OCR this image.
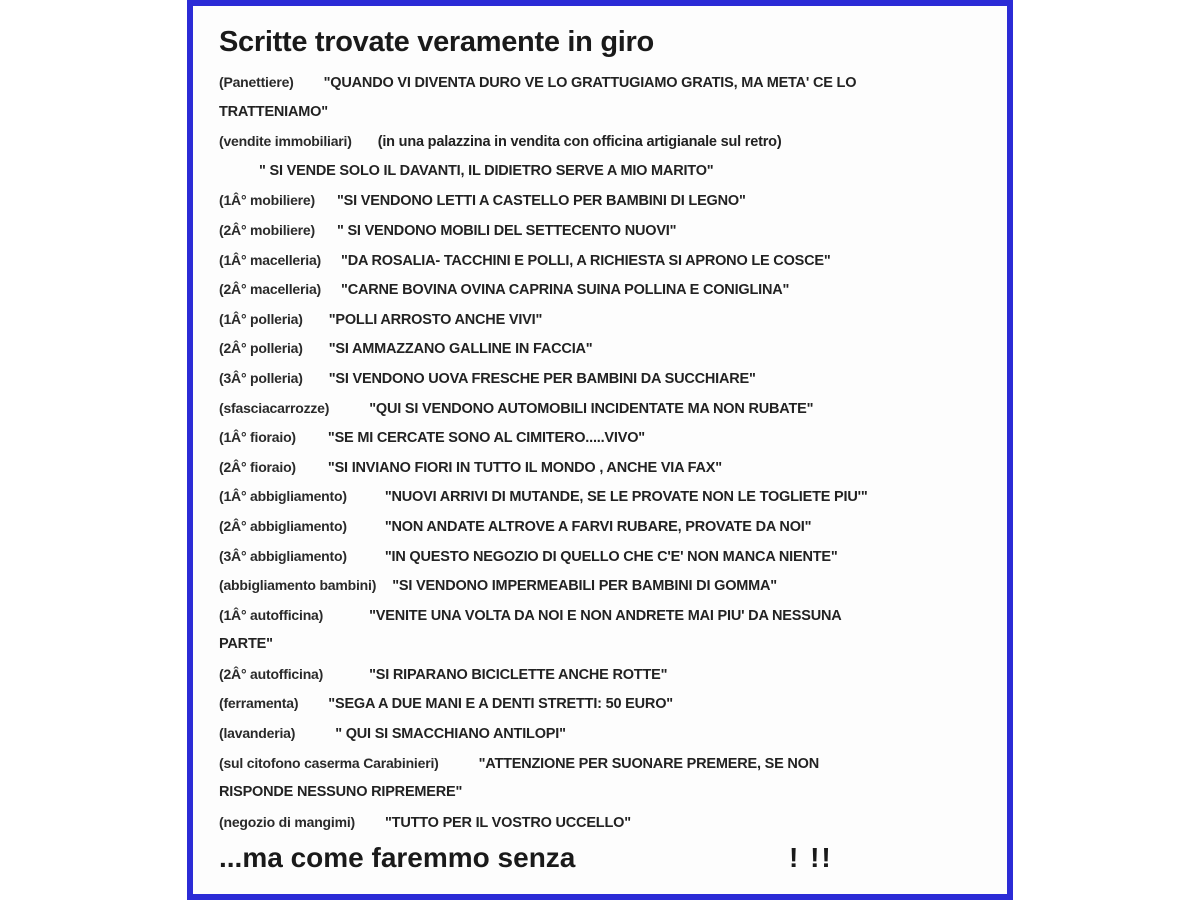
Scritte trovate veramente in giro
(Panettiere) "QUANDO VI DIVENTA DURO VE LO GRATTUGIAMO GRATIS, MA META' CE LO
TRATTENIAMO"
(vendite immobiliari) (in una palazzina in vendita con officina artigianale sul retro)
" SI VENDE SOLO IL DAVANTI, IL DIDIETRO SERVE A MIO MARITO"
(1Â° mobiliere) "SI VENDONO LETTI A CASTELLO PER BAMBINI DI LEGNO"
(2Â° mobiliere) " SI VENDONO MOBILI DEL SETTECENTO NUOVI"
(1Â° macelleria) "DA ROSALIA- TACCHINI E POLLI, A RICHIESTA SI APRONO LE COSCE"
(2Â° macelleria) "CARNE BOVINA OVINA CAPRINA SUINA POLLINA E CONIGLINA"
(1Â° polleria) "POLLI ARROSTO ANCHE VIVI"
(2Â° polleria) "SI AMMAZZANO GALLINE IN FACCIA"
(3Â° polleria) "SI VENDONO UOVA FRESCHE PER BAMBINI DA SUCCHIARE"
(sfasciacarrozze)	"QUI SI VENDONO AUTOMOBILI INCIDENTATE MA NON RUBATE"
(1Â° fioraio) "SE MI CERCATE SONO AL CIMITERO.....VIVO"
(2Â° fioraio) "SI INVIANO FIORI IN TUTTO IL MONDO , ANCHE VIA FAX"
(1Â° abbigliamento)	"NUOVI ARRIVI DI MUTANDE, SE LE PROVATE NON LE TOGLIETE PIU'"
(2Â° abbigliamento)	"NON ANDATE ALTROVE A FARVI RUBARE, PROVATE DA NOI"
(3Â° abbigliamento)	"IN QUESTO NEGOZIO DI QUELLO CHE C'E' NON MANCA NIENTE"
(abbigliamento bambini) "SI VENDONO IMPERMEABILI PER BAMBINI DI GOMMA"
(1Â° autofficina)	"VENITE UNA VOLTA DA NOI E NON ANDRETE MAI PIU' DA NESSUNA
PARTE"
(2Â° autofficina)	"SI RIPARANO BICICLETTE ANCHE ROTTE"
(ferramenta) "SEGA A DUE MANI E A DENTI STRETTI: 50 EURO"
(lavanderia)	" QUI SI SMACCHIANO ANTILOPI"
(sul citofono caserma Carabinieri)	"ATTENZIONE PER SUONARE PREMERE, SE NON
RISPONDE NESSUNO RIPREMERE"
(negozio di mangimi) "TUTTO PER IL VOSTRO UCCELLO"
...ma come faremmo senza	! !!
